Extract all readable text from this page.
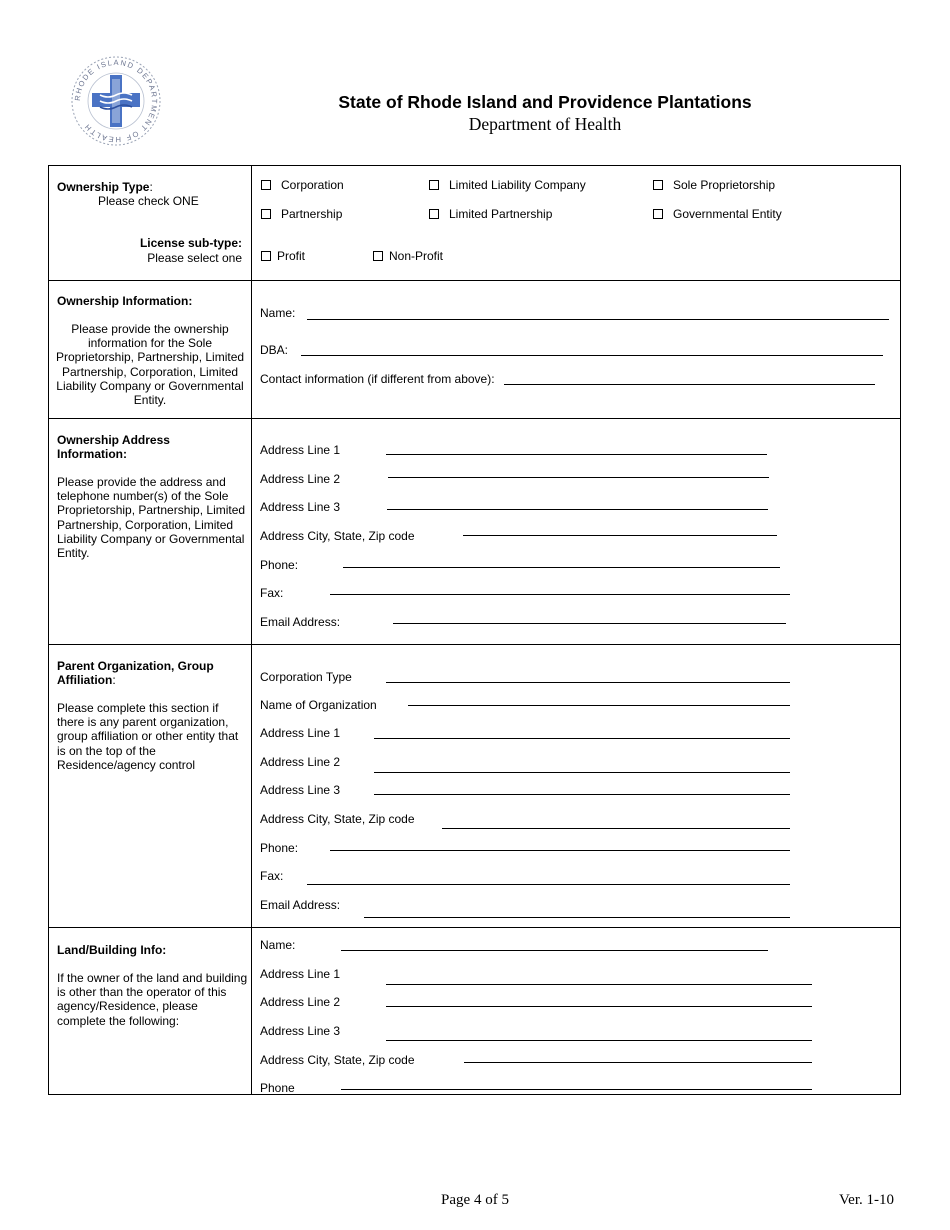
RHODE ISLAND DEPARTMENT OF HEALTH
State of Rhode Island and Providence Plantations
Department of Health
Ownership Type:
Please check ONE
License sub-type:
Please select one
Corporation	Limited Liability Company	Sole Proprietorship
Partnership	Limited Partnership	Governmental Entity
Profit	Non-Profit
Ownership Information:
Please provide the ownership information for the Sole Proprietorship, Partnership, Limited Partnership, Corporation, Limited Liability Company or Governmental Entity.
Name:
DBA:
Contact information (if different from above):
Ownership Address Information:
Please provide the address and telephone number(s) of the Sole Proprietorship, Partnership, Limited Partnership, Corporation, Limited Liability Company or Governmental Entity.
Address Line 1
Address Line 2
Address Line 3
Address City, State, Zip code
Phone:
Fax:
Email Address:
Parent Organization, Group Affiliation:
Please complete this section if there is any parent organization, group affiliation or other entity that is on the top of the Residence/agency control
Corporation Type
Name of Organization
Address Line 1
Address Line 2
Address Line 3
Address City, State, Zip code
Phone:
Fax:
Email Address:
Land/Building Info:
If the owner of the land and building is other than the operator of this agency/Residence, please complete the following:
Name:
Address Line 1
Address Line 2
Address Line 3
Address City, State, Zip code
Phone
Page 4 of 5	Ver. 1-10
